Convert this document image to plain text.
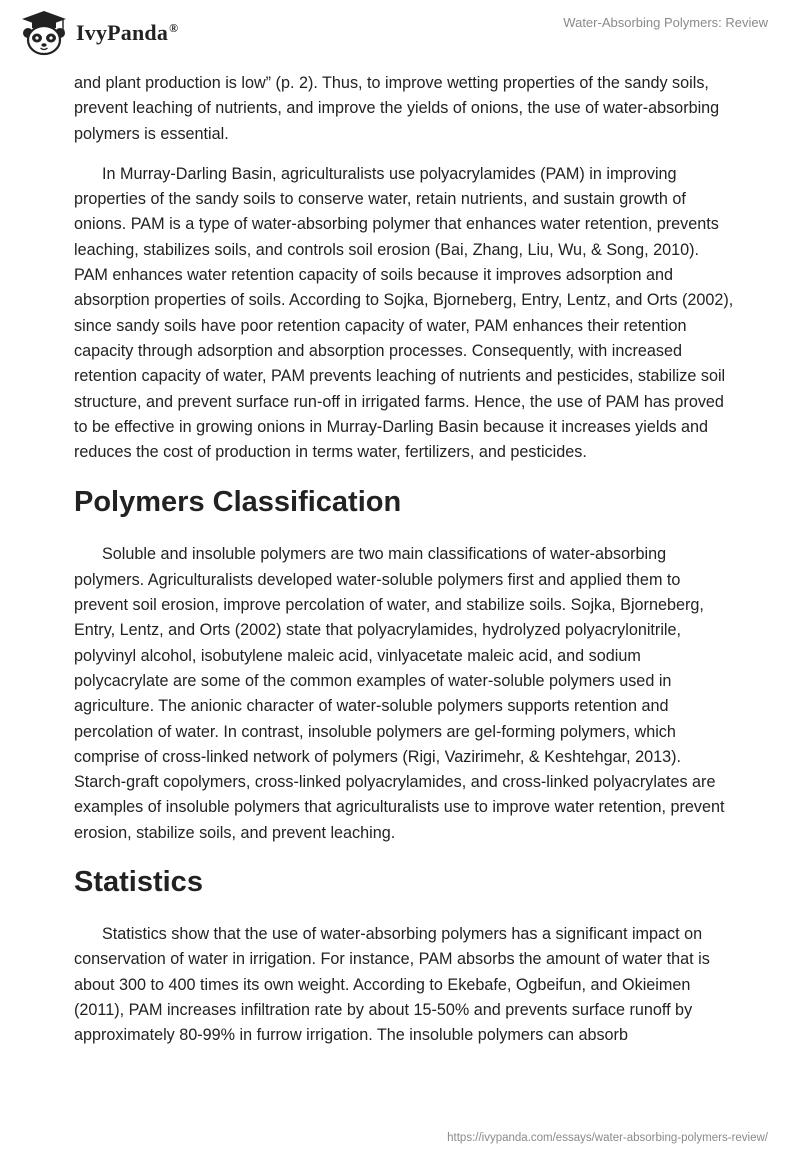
IvyPanda®	Water-Absorbing Polymers: Review

and plant production is low” (p. 2). Thus, to improve wetting properties of the sandy soils, prevent leaching of nutrients, and improve the yields of onions, the use of water-absorbing polymers is essential.

In Murray-Darling Basin, agriculturalists use polyacrylamides (PAM) in improving properties of the sandy soils to conserve water, retain nutrients, and sustain growth of onions. PAM is a type of water-absorbing polymer that enhances water retention, prevents leaching, stabilizes soils, and controls soil erosion (Bai, Zhang, Liu, Wu, & Song, 2010). PAM enhances water retention capacity of soils because it improves adsorption and absorption properties of soils. According to Sojka, Bjorneberg, Entry, Lentz, and Orts (2002), since sandy soils have poor retention capacity of water, PAM enhances their retention capacity through adsorption and absorption processes. Consequently, with increased retention capacity of water, PAM prevents leaching of nutrients and pesticides, stabilize soil structure, and prevent surface run-off in irrigated farms. Hence, the use of PAM has proved to be effective in growing onions in Murray-Darling Basin because it increases yields and reduces the cost of production in terms water, fertilizers, and pesticides.

Polymers Classification

Soluble and insoluble polymers are two main classifications of water-absorbing polymers. Agriculturalists developed water-soluble polymers first and applied them to prevent soil erosion, improve percolation of water, and stabilize soils. Sojka, Bjorneberg, Entry, Lentz, and Orts (2002) state that polyacrylamides, hydrolyzed polyacrylonitrile, polyvinyl alcohol, isobutylene maleic acid, vinlyacetate maleic acid, and sodium polycacrylate are some of the common examples of water-soluble polymers used in agriculture. The anionic character of water-soluble polymers supports retention and percolation of water. In contrast, insoluble polymers are gel-forming polymers, which comprise of cross-linked network of polymers (Rigi, Vazirimehr, & Keshtehgar, 2013). Starch-graft copolymers, cross-linked polyacrylamides, and cross-linked polyacrylates are examples of insoluble polymers that agriculturalists use to improve water retention, prevent erosion, stabilize soils, and prevent leaching.

Statistics

Statistics show that the use of water-absorbing polymers has a significant impact on conservation of water in irrigation. For instance, PAM absorbs the amount of water that is about 300 to 400 times its own weight. According to Ekebafe, Ogbeifun, and Okieimen (2011), PAM increases infiltration rate by about 15-50% and prevents surface runoff by approximately 80-99% in furrow irrigation. The insoluble polymers can absorb

https://ivypanda.com/essays/water-absorbing-polymers-review/
